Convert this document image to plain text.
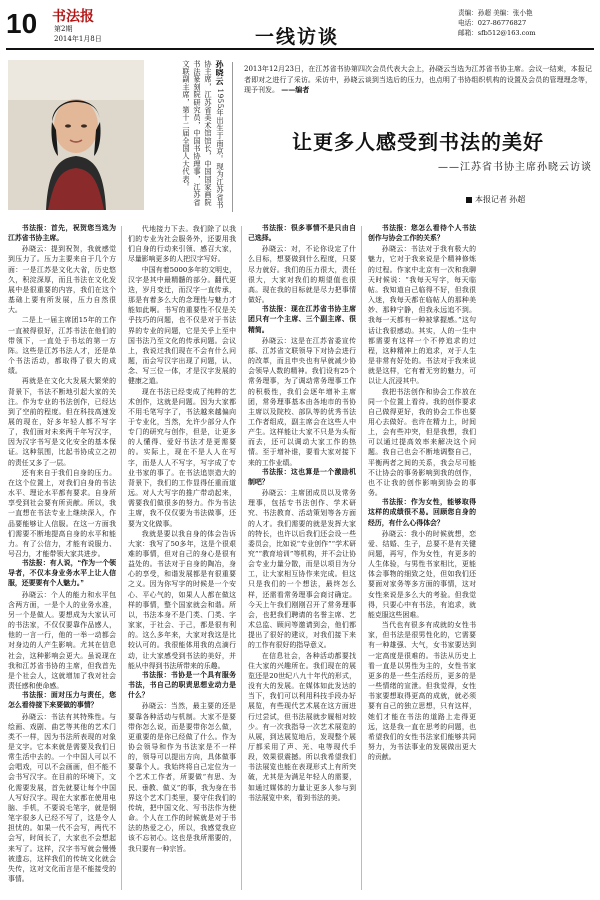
10 书法报
第2期
2014年1月8日	一线访谈
责编：孙超 美编：张小艳
电话：027-86776827
邮箱：sfb512@163.com
孙晓云1955年出生于南京。现为江苏省书协主席，江苏省美术馆馆长，中国国家画院书法篆刻院研究员，中国书协理事，江苏省文联副主席，第十二届全国人大代表。	2013年12月23日，在江苏省书协第四次会员代表大会上，孙晓云当选为江苏省书协主席。会议一结束，本报记者即对之进行了采访。采访中，孙晓云谈到当选后的压力，也点明了书协组织机构的设置及会员的管理理念等，现予刊发。 ——编者
让更多人感受到书法的美好
——江苏省书协主席孙晓云访谈
本报记者 孙超

书法报：首先，祝贺您当选为江苏省书协主席。

孙晓云：提到祝贺，我就感觉到压力了。压力主要来自于几个方面：一是江苏是文化大省，历史悠久，积淀深厚，而且书法在文化发展中是很重要的内容，我们在这个基础上要有所发展，压力自然很大。

二是上一届主席团15年的工作一直被得很好，江苏书法在他们的带领下，一直处于书坛的第一方阵。这些是江苏书法人才，还是单个书法活动，都取得了很大的成绩。

再就是在文化大发展大繁荣的背景下，书法不断地引起大家的关注。作为专业的书法创作，已经达到了空前的程度。但在科技高速发展的现在，好多年轻人都不写字了，我们面对未来两千年写汉字，因为汉字书写是文化安全的基本保证。这种氛围，比起书协成立之初的责任又多了一层。

还有来自于我们自身的压力。在这个位置上，对我们自身的书法水平、理论水平都有要求。自身所享受到社会要有所贡献。所以，我一直想在书法专业上继续深入，作品要能够让人信服。在这一方面我们需要不断地提高自身的水平和能力。有了公信力，才能有说服力、号召力，才能带领大家共进步。

书法报：有人说，“作为一个领导者，不仅本身业务水平上让人信服，还要要有个人魅力。”

孙晓云：个人的能力和水平包含两方面，一是个人的业务水准，另一个是做人。要想成为大家认可的书法家，不仅仅要靠作品感人，他的一言一行，他的一举一动都会对身边的人产生影响。尤其在信息社会，这种影响会更大。虽说现在我和江苏省书协的主席，但我首先是个社会人，这就增加了我对社会责任感和使命感。

书法报：面对压力与责任，您怎么看待接下来要做的事情？

孙晓云：书法有其特殊性。与绘画、戏剧、曲艺等其他的艺术门类不一样，因为书法所表现的对象是文字。它本来就是需要及我们日常生活中去的。一个中国人可以不会唱戏，可以不会画画，但不能不会书写汉字。在目前的环境下，文化需要发展，首先就要让每个中国人写好汉字。现在大家都在使用电脑、手机，不要说毛笔字，就是钢笔字很多人已经不写了，这是令人担忧的。如果一代不会写，两代不会写，时间长了，大家也不会想起来写了。这样，汉字书写就会慢慢被遗忘，这样我们的传统文化就会失传，这对文化而言是不能接受的事情。

代地接力下去。我们除了以我们的专业为社会服务外，还要用我们自身的行动来引领、感召大家，尽量影响更多的人把汉字写好。

中国有着5000多年的文明史，汉字是其中最精髓的部分。翻代更迭，岁月变迁，而汉字一直传承，那是有着多么大的念理性与魅力才能如此啊。书写的重要性不仅是关乎技巧的问题，也不仅是对于书法界的专业的问题，它是关乎上至中国书法乃至文化的传承问题。会议上，我说过我们现在不会有什么问题，而会写汉字出现了问题，认、念、写三位一体，才是汉字发展的健康之道。

现在书法已经变成了纯粹的艺术创作，这就是问题。因为大家都不用毛笔写字了，书法越来越偏向于专业化，当然，允许少部分人作专门的研究与创作，但是，让更多的人懂得、爱好书法才是更需要的。实际上，现在不是人人在写字，而是人人不写字，写字成了专业书家的事了。在书法追崇造大的背景下，我们的工作显得任重而道远。对人大写字的推广带动起来，需要我们做很多的努力。作为书法主席，我不仅仅要为书法做事，还要为文化做事。

我就是要以我自身的体会告诉大家：我写了50多年，这是个很艰难的事情，但对自己的身心是很有益处的。书法对于自身的陶冶，身心的享受，和谐发展都是有很重要之义。因为你写字的时候是一个安心、平心气的，如果人人都在做这样的事情，整个国家就会和谐。所以，书法本身不是门类、门类、字家家，于社会、于己，都是很有利的。这么多年来，大家对我这是比较认可的。我很能体用我的点滴行动，让大家感受到书法的美好，并能从中得到书法所带来的乐趣。

书法报：书协是一个具有服务书法，书自己的职责思想业动力是什么？

孙晓云：当然，最主要的还是要靠各种活动与机制。大家不是要带你怎么说，而是要带你怎么做，更重要的是你已经做了什么。作为协会领导和作为书法家是不一样的，领导可以提出方向，具体做事要靠个人。我始终将自己定位为一个艺术工作者，所要做“有思、为民、垂教、做义”的事，我为身在书界这个艺术门类里，要守住我们的传统，把中国文化、写书法作为使命。个人在工作的时候就是对于书法的热爱之心，所以，我感觉我应该不忘初心。这也是我所需要的，我只要有一种宗旨。

书法报：很多事情不是只由自己选择。

孙晓云：对，不论你设定了什么目标，想要做到什么程度，只要尽力就好。我们的压力很大，责任很大，大家对我们的期望值也很高。现在我的目标就是尽力把事情做好。

书法报：现在江苏省书协主席团只有一个主席、三个副主席、很精简。

孙晓云：这是在江苏省委宣传部、江苏省文联领导下对协会进行的改革，而且申央也有早就减少协会领导人数的精神。我们设有25个常务理事，为了调动常务理事工作的积极性，我们会逐年增补主席团，常务理事基本由各地市的书协主席以及院校、部队等的优秀书法工作者组成，副主席会在这些人中产生。这样能让大家不只是为头衔而去，还可以调动大家工作的热情。至于增补谁，要看大家对接下来的工作业绩。

书法报：这也算是一个激励机制吧？

孙晓云：主席团成员以及常务理事，包括专书法创作、学术研究、书法教育、活动策划等各方面的人才。我们需要的就是发挥大家的特长，也许以后我们还会设一些委员会，比如说“专业创作”“学术研究”“教育培训”等机构，并不会让协会专业力量分散，而是以项目为分工，让大家相互协作来完成。但这只是我们的一个想法，最终怎么样，还需看常务理事会商讨确定。今天上午我们刚刚召开了常务理事会，也把我们聘请的名誉主席、艺术总监、顾问等邀请到会，他们都提出了很好的建议，对我们接下来的工作有很好的指导意义。

在信息社会，各种活动都要找住大家的兴趣所在。我们现在的展览还是20世纪八九十年代的形式，没有大的发展。在媒体如此发达的当下，我们可以利用科技手段办好展览，有些现代艺术展在这方面进行过尝试，但书法展就步履相对较少。有一次我指导一次艺术展览的从展，到达展览地后，发现整个展厅都采用了声、光、电等现代手段，效果很震撼。所以我希望我们书法展览也能在表现形式上有所突破，尤其是为满足年轻人的需要，如通过媒体的力量让更多人参与到书法展览中来，看到书法的美。

书法报：您怎么看待个人书法创作与协会工作的关系？

孙晓云：书法对于我有极大的魅力，它对于我来说是个精神修炼的过程。作家中北京有一次和我聊天时候说：“我每天写字，每天临帖。我知道自己临得不好，但我很入迷，我每天都在临帖人的那种美妙、那种宁静，但我永远追不到。我每一天都有一种被掌握感。”这句话让我很感动。其实，人的一生中都需要有这样一个不停追求的过程，这种精神上的追求，对于人生是非常有好处的。书法对于我来说就是这样，它有着无穷的魅力，可以让人沉浸其中。

我把书法创作和协会工作放在同一个位置上看待。我的创作要求自己做得更好，我的协会工作也要用心去做好。也许在精力上，时间上，会有些冲突，但是我想，我们可以通过提高效率来解决这个问题。我自己也会不断地调整自己，平衡两者之间的关系，我会尽可能不让协会的事务影响到我的创作，也不让我的创作影响到协会的事务。

书法报：作为女性，能够取得这样的成绩很不易。回顾您自身的经历，有什么心得体会？

孙晓云：我小的时候就想，恋爱、结婚、生子，总要不是有关键问题，再写，作为女性，有更多的人生体验，与男性书家相比，更能体会事物的细致之处，但如我们还要面对家务等多方面的事情，这对女性来说是多么大的考验。但我觉得，只要心中有书法，有追求，就能克服这些困难。

当代也有很多有成就的女性书家，但书法是很男性化的，它需要有一种雄强、大气，女书家要达到一定高度是很难的。书法从历史上看一直是以男性为主的，女性书家更多的是一些生活经历，更多的是一些情绪的宣泄。但我觉得，女性书家要想取得更高的成就，就必须要有自己的独立思想，只有这样，她们才能在书法的道路上走得更远，这是我一直在思考的问题，也希望我们的女性书法家们能够共同努力，为书法事业的发展做出更大的贡献。
